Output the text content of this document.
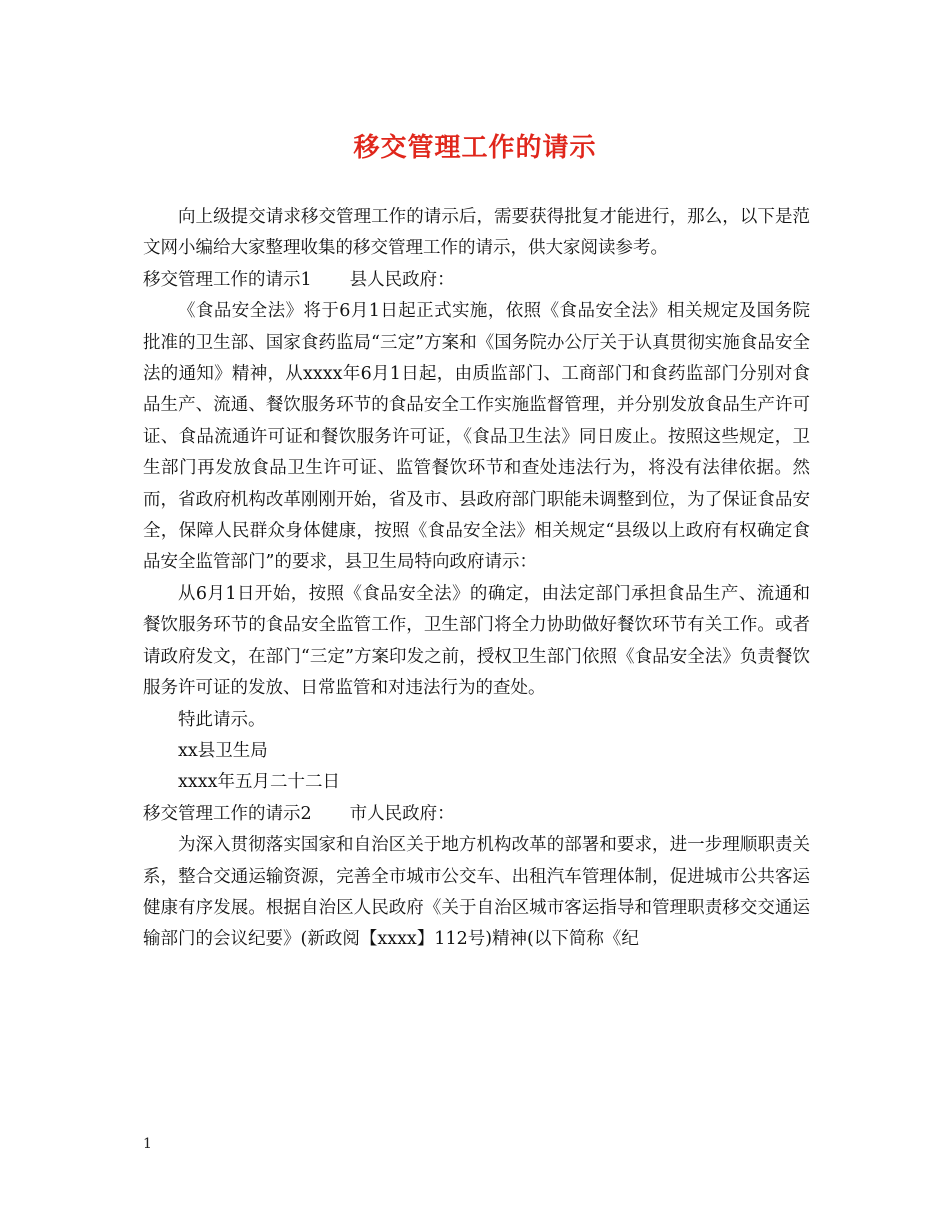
移交管理工作的请示

向上级提交请求移交管理工作的请示后，需要获得批复才能进行，那么，以下是范文网小编给大家整理收集的移交管理工作的请示，供大家阅读参考。

移交管理工作的请示1 县人民政府：

《食品安全法》将于6月1日起正式实施，依照《食品安全法》相关规定及国务院批准的卫生部、国家食药监局“三定”方案和《国务院办公厅关于认真贯彻实施食品安全法的通知》精神，从xxxx年6月1日起，由质监部门、工商部门和食药监部门分别对食品生产、流通、餐饮服务环节的食品安全工作实施监督管理，并分别发放食品生产许可证、食品流通许可证和餐饮服务许可证，《食品卫生法》同日废止。按照这些规定，卫生部门再发放食品卫生许可证、监管餐饮环节和查处违法行为，将没有法律依据。然而，省政府机构改革刚刚开始，省及市、县政府部门职能未调整到位，为了保证食品安全，保障人民群众身体健康，按照《食品安全法》相关规定“县级以上政府有权确定食品安全监管部门”的要求，县卫生局特向政府请示：

从6月1日开始，按照《食品安全法》的确定，由法定部门承担食品生产、流通和餐饮服务环节的食品安全监管工作，卫生部门将全力协助做好餐饮环节有关工作。或者请政府发文，在部门“三定”方案印发之前，授权卫生部门依照《食品安全法》负责餐饮服务许可证的发放、日常监管和对违法行为的查处。

特此请示。

xx县卫生局

xxxx年五月二十二日

移交管理工作的请示2 市人民政府：

为深入贯彻落实国家和自治区关于地方机构改革的部署和要求，进一步理顺职责关系，整合交通运输资源，完善全市城市公交车、出租汽车管理体制，促进城市公共客运健康有序发展。根据自治区人民政府《关于自治区城市客运指导和管理职责移交交通运输部门的会议纪要》(新政阅【xxxx】112号)精神(以下简称《纪

1
